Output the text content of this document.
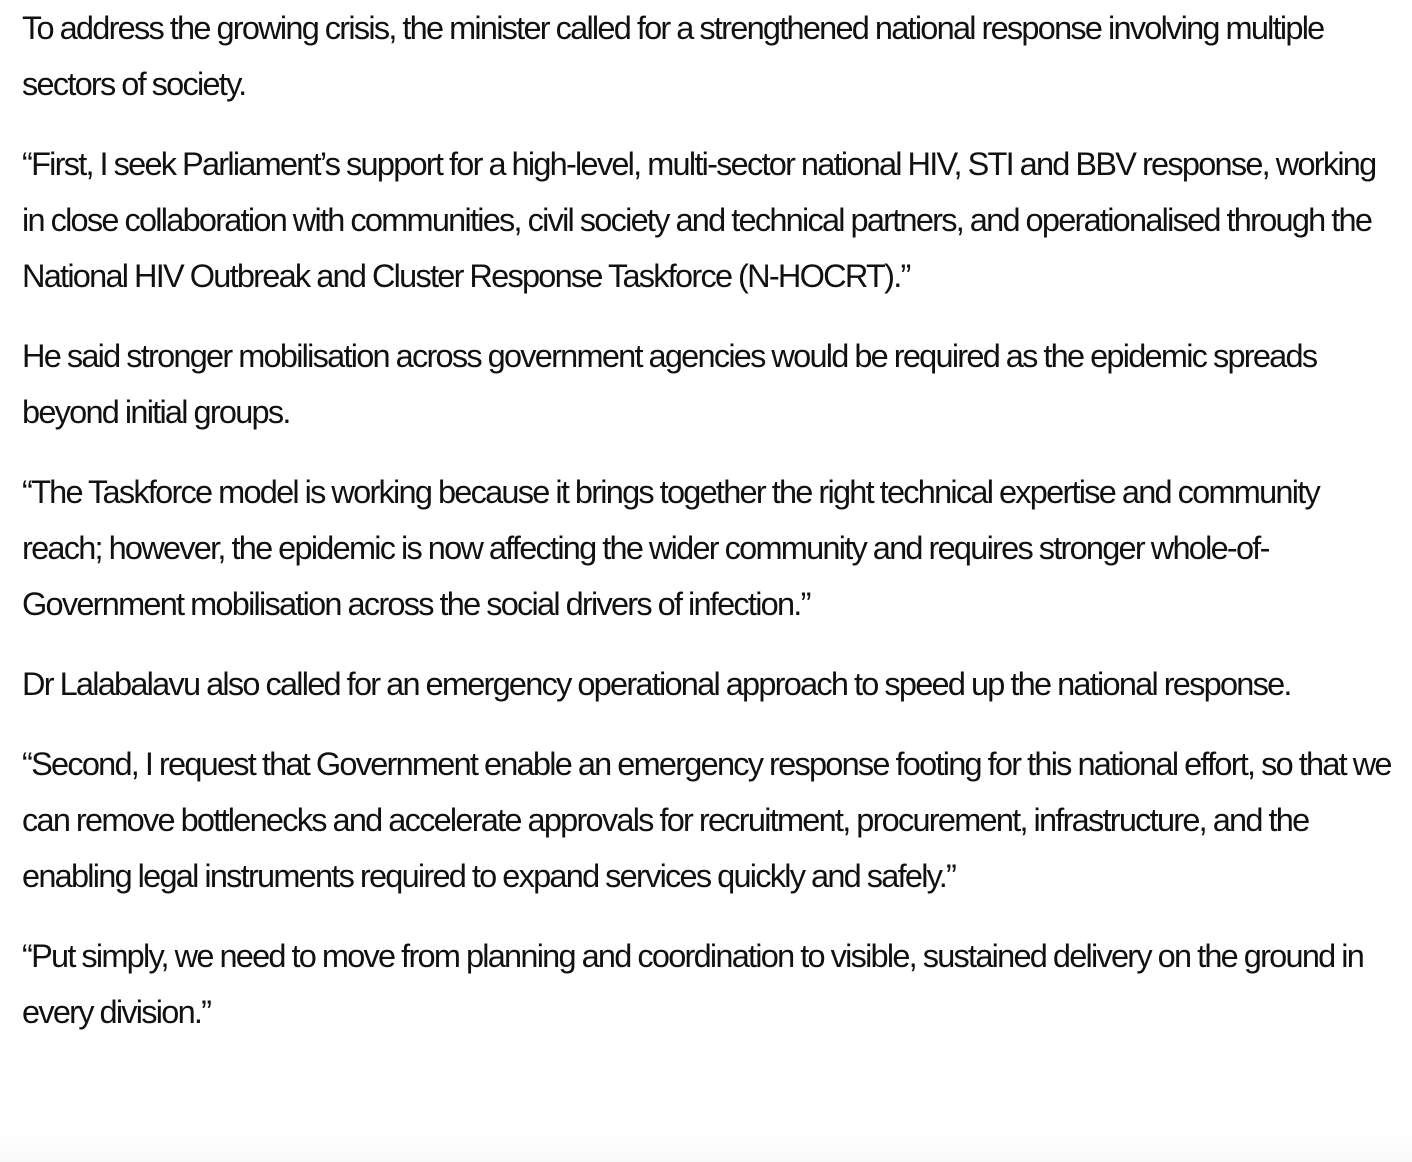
To address the growing crisis, the minister called for a strengthened national response involving multiple sectors of society.

“First, I seek Parliament’s support for a high-level, multi-sector national HIV, STI and BBV response, working in close collaboration with communities, civil society and technical partners, and operationalised through the National HIV Outbreak and Cluster Response Taskforce (N-HOCRT).”

He said stronger mobilisation across government agencies would be required as the epidemic spreads beyond initial groups.

“The Taskforce model is working because it brings together the right technical expertise and community reach; however, the epidemic is now affecting the wider community and requires stronger whole-of-Government mobilisation across the social drivers of infection.”

Dr Lalabalavu also called for an emergency operational approach to speed up the national response.

“Second, I request that Government enable an emergency response footing for this national effort, so that we can remove bottlenecks and accelerate approvals for recruitment, procurement, infrastructure, and the enabling legal instruments required to expand services quickly and safely.”

“Put simply, we need to move from planning and coordination to visible, sustained delivery on the ground in every division.”
